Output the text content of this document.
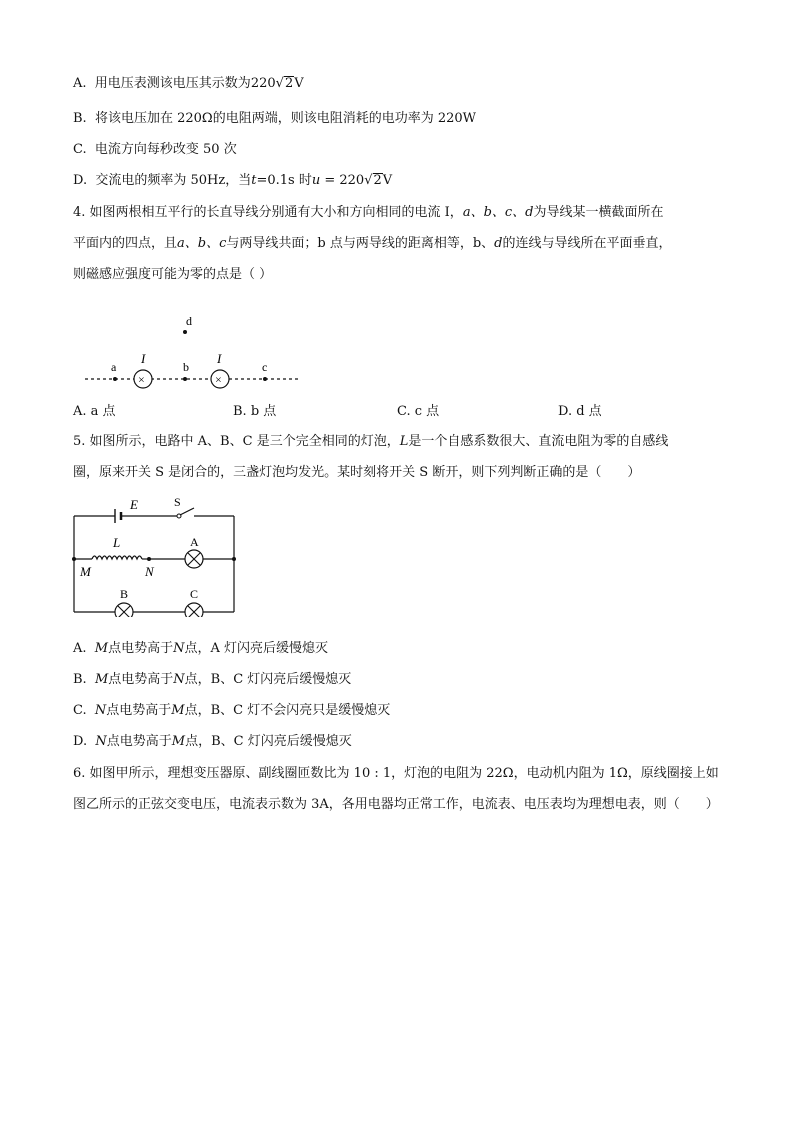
A. 用电压表测该电压其示数为220√2V
B. 将该电压加在 220Ω的电阻两端，则该电阻消耗的电功率为 220W
C. 电流方向每秒改变 50 次
D. 交流电的频率为 50Hz，当t=0.1s 时u = 220√2V
4. 如图两根相互平行的长直导线分别通有大小和方向相同的电流 I，a、b、c、d为导线某一横截面所在
平面内的四点，且a、b、c与两导线共面；b 点与两导线的距离相等，b、d的连线与导线所在平面垂直，
则磁感应强度可能为零的点是（ ）
d
a
×
I
b
×
I
c
A. a 点	B. b 点	C. c 点	D. d 点
5. 如图所示，电路中 A、B、C 是三个完全相同的灯泡，L是一个自感系数很大、直流电阻为零的自感线
圈，原来开关 S 是闭合的，三盏灯泡均发光。某时刻将开关 S 断开，则下列判断正确的是（　　）
E	S
L
M	N
A
B	C
A. M点电势高于N点，A 灯闪亮后缓慢熄灭
B. M点电势高于N点，B、C 灯闪亮后缓慢熄灭
C. N点电势高于M点，B、C 灯不会闪亮只是缓慢熄灭
D. N点电势高于M点，B、C 灯闪亮后缓慢熄灭
6. 如图甲所示，理想变压器原、副线圈匝数比为 10 : 1，灯泡的电阻为 22Ω，电动机内阻为 1Ω，原线圈接上如图乙所示的正弦交变电压，电流表示数为 3A，各用电器均正常工作，电流表、电压表均为理想电表，则（　　）
